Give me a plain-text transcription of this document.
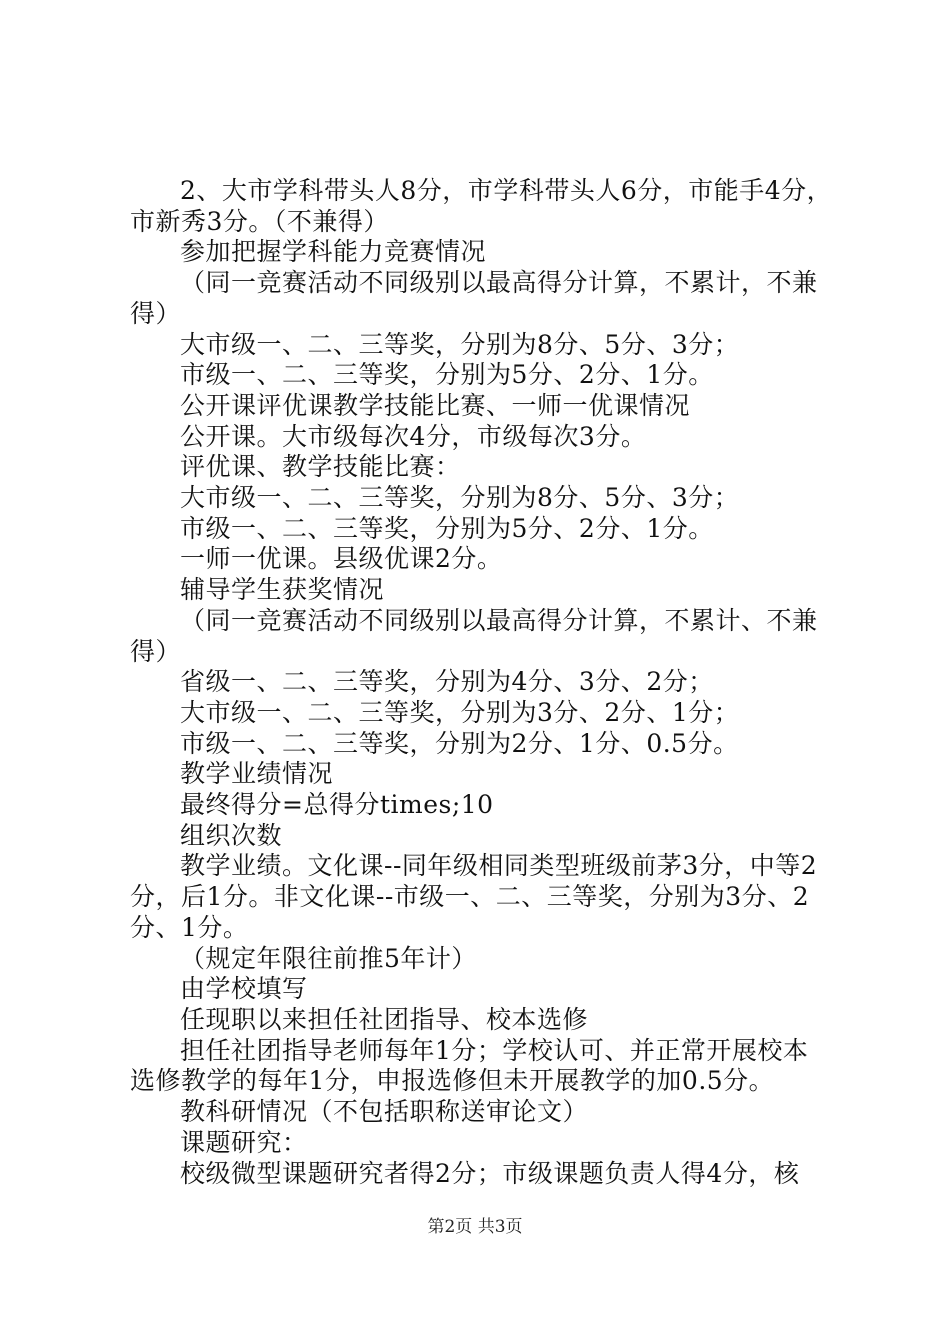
2、大市学科带头人8分，市学科带头人6分，市能手4分，
市新秀3分。（不兼得）

参加把握学科能力竞赛情况

（同一竞赛活动不同级别以最高得分计算，不累计，不兼
得）

大市级一、二、三等奖，分别为8分、5分、3分；

市级一、二、三等奖，分别为5分、2分、1分。

公开课评优课教学技能比赛、一师一优课情况

公开课。大市级每次4分，市级每次3分。

评优课、教学技能比赛：

大市级一、二、三等奖，分别为8分、5分、3分；

市级一、二、三等奖，分别为5分、2分、1分。

一师一优课。县级优课2分。

辅导学生获奖情况

（同一竞赛活动不同级别以最高得分计算，不累计、不兼
得）

省级一、二、三等奖，分别为4分、3分、2分；

大市级一、二、三等奖，分别为3分、2分、1分；

市级一、二、三等奖，分别为2分、1分、0.5分。

教学业绩情况

最终得分=总得分times;10

组织次数

教学业绩。文化课--同年级相同类型班级前茅3分，中等2
分，后1分。非文化课--市级一、二、三等奖，分别为3分、2
分、1分。

（规定年限往前推5年计）

由学校填写

任现职以来担任社团指导、校本选修

担任社团指导老师每年1分；学校认可、并正常开展校本
选修教学的每年1分，申报选修但未开展教学的加0.5分。

教科研情况（不包括职称送审论文）

课题研究：

校级微型课题研究者得2分；市级课题负责人得4分，核

第2页 共3页
